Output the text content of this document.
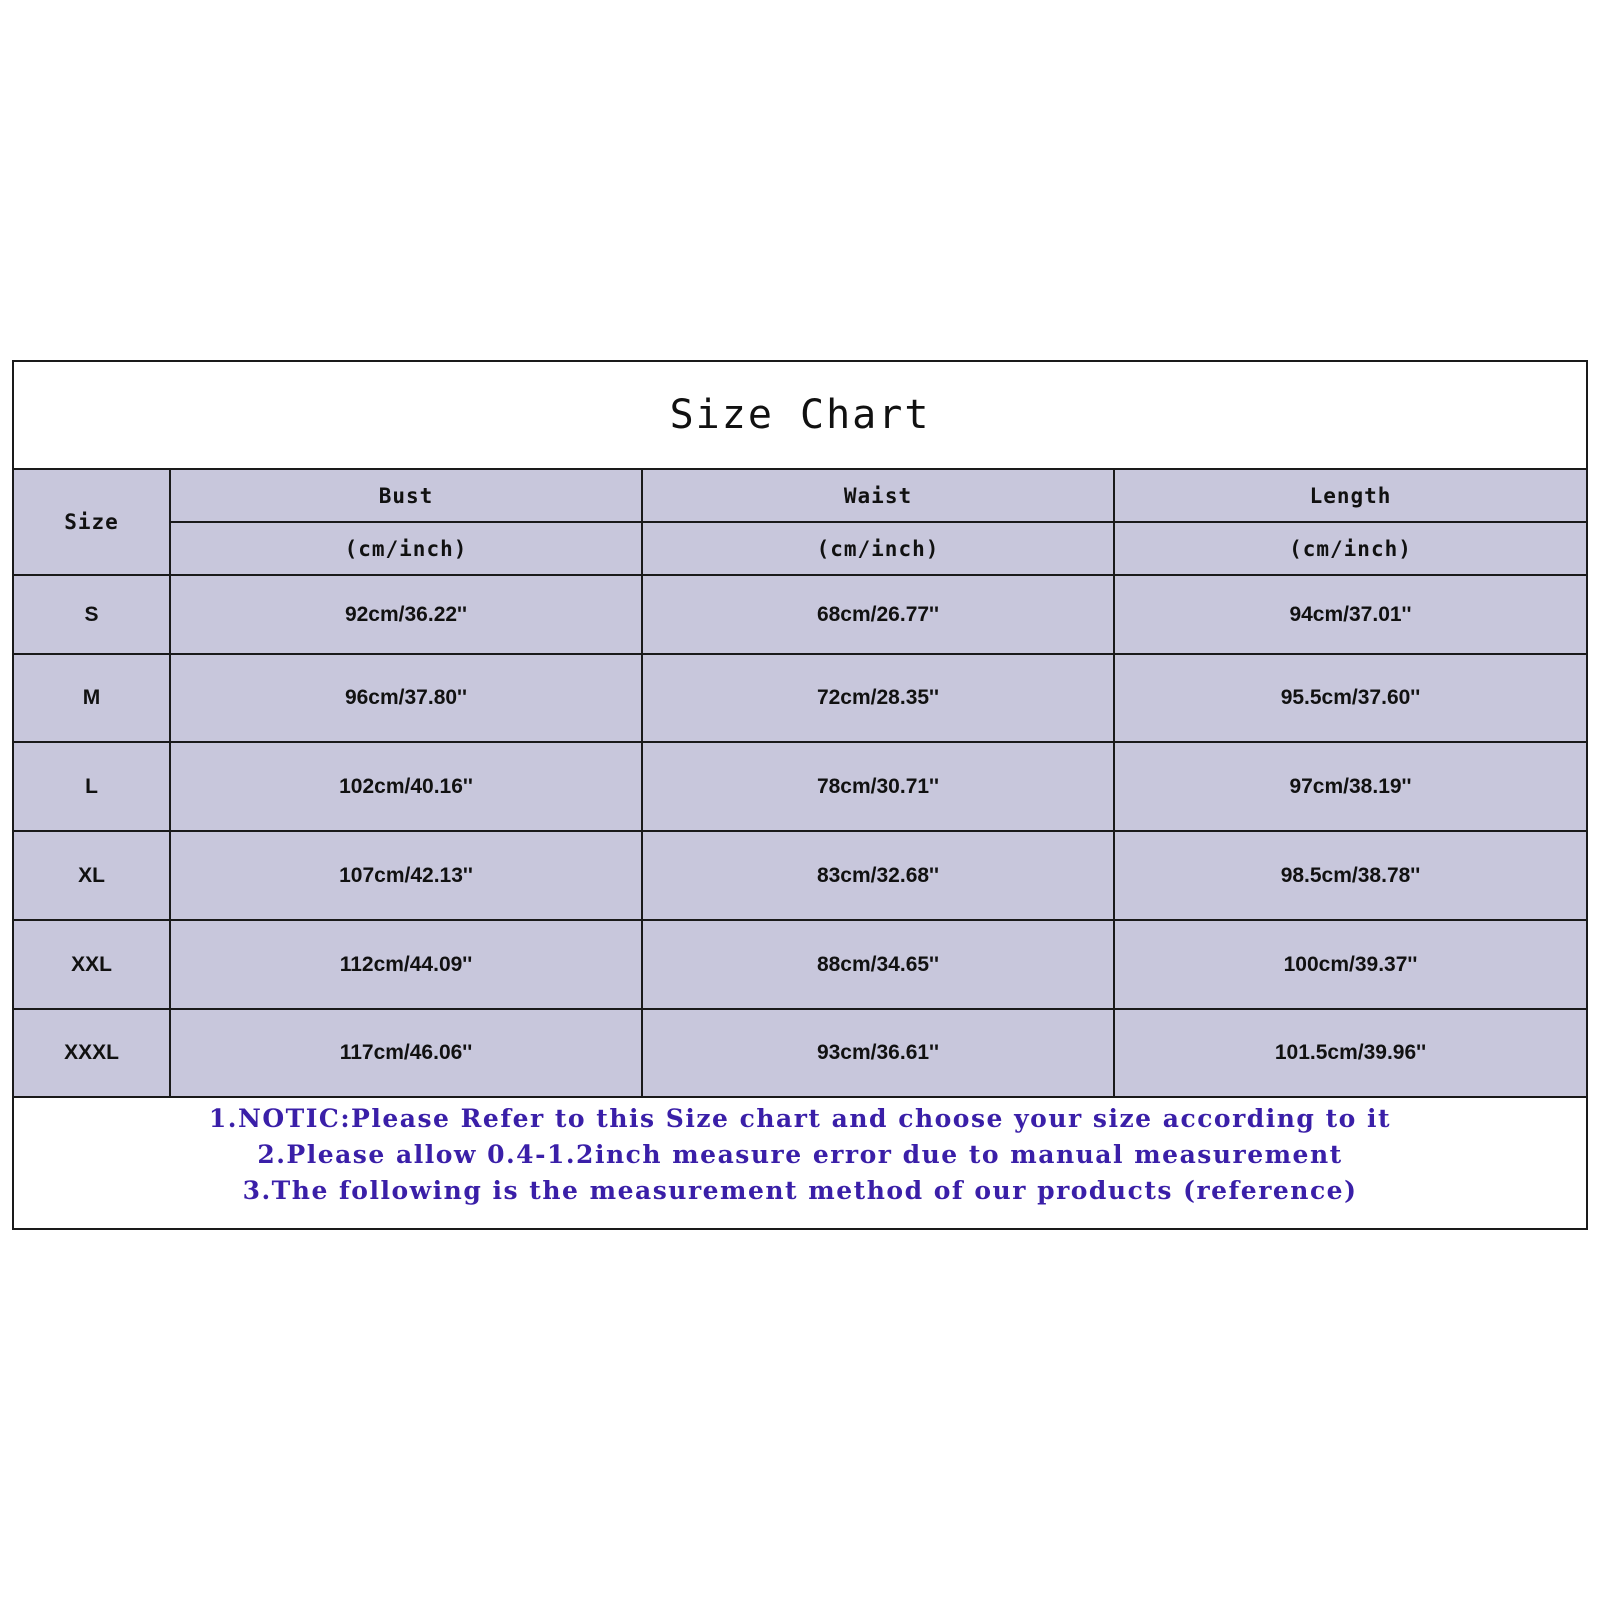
Size Chart
Size	Bust	Waist	Length
	(cm/inch)	(cm/inch)	(cm/inch)
S	92cm/36.22''	68cm/26.77''	94cm/37.01''
M	96cm/37.80''	72cm/28.35''	95.5cm/37.60''
L	102cm/40.16''	78cm/30.71''	97cm/38.19''
XL	107cm/42.13''	83cm/32.68''	98.5cm/38.78''
XXL	112cm/44.09''	88cm/34.65''	100cm/39.37''
XXXL	117cm/46.06''	93cm/36.61''	101.5cm/39.96''
1.NOTIC:Please Refer to this Size chart and choose your size according to it
2.Please allow 0.4-1.2inch measure error due to manual measurement
3.The following is the measurement method of our products (reference)
